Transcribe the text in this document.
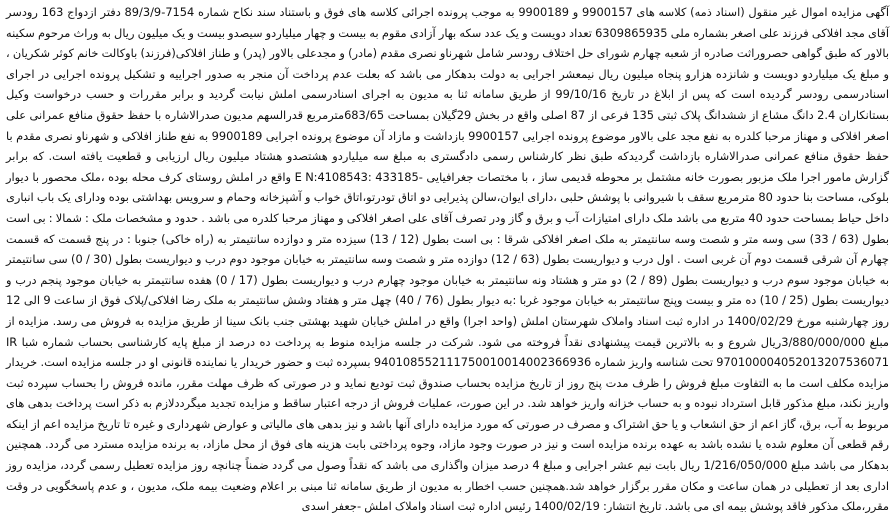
آگهی مزایده اموال غیر منقول (اسناد ذمه) کلاسه های 9900157 و 9900189 به موجب پرونده اجرائی کلاسه های فوق و باستناد سند نکاح شماره 7154-89/3/9 دفتر ازدواج 163 رودسر آقای مجد افلاکی فرزند علی اصغر بشماره ملی 6309865935 تعداد دویست و یک عدد سکه بهار آزادی مقوم به بیست و چهار میلیاردو سیصدو بیست و یک میلیون ریال به وراث مرحوم سکینه بالاور که طبق گواهی حصروراثت صادره از شعبه چهارم شورای حل اختلاف رودسر شامل شهرناو نصری مقدم (مادر) و مجدعلی بالاور (پدر) و طناز افلاکی(فرزند) باوکالت خانم کوثر شکریان ، و مبلغ یک میلیاردو دویست و شانزده هزارو پنجاه میلیون ریال نیمعشر اجرایی به دولت بدهکار می باشد که بعلت عدم پرداخت آن منجر به صدور اجراییه و تشکیل پرونده اجرایی در اجرای اسنادرسمی رودسر گردیده است که پس از ابلاغ در تاریخ 99/10/16 از طریق سامانه ثنا به مدیون به اجرای اسنادرسمی املش نیابت گردید و برابر مقررات و حسب درخواست وکیل بستانکاران 2.4 دانگ مشاع از ششدانگ پلاک ثبتی 135 فرعی از 87 اصلی واقع در بخش 29گیلان بمساحت 683/65مترمربع قدرالسهم مدیون صدرالاشاره با حفظ حقوق منافع عمرانی علی اصغر افلاکی و مهناز مرحبا کلدره به نفع مجد علی بالاور موضوع پرونده اجرایی 9900157 بازداشت و مازاد آن موضوع پرونده اجرایی 9900189 به نفع طناز افلاکی و شهرناو نصری مقدم با حفظ حقوق منافع عمرانی صدرالاشاره بازداشت گردیدکه طبق نظر کارشناس رسمی دادگستری به مبلغ سه میلیاردو هشتصدو هشتاد میلیون ریال ارزیابی و قطعیت یافته است. که برابر گزارش مامور اجرا ملک مزبور بصورت خانه مشتمل بر محوطه قدیمی ساز ، با مختصات جغرافیایی -433185 :E N:4108543 واقع در املش روستای کرف محله بوده ،ملک محصور با دیوار بلوکی، مساحت بنا حدود 80 مترمربع سقف با شیروانی با پوشش حلبی ،دارای ایوان،سالن پذیرایی دو اتاق تودرتو،اتاق خواب و آشپزخانه وحمام و سرویس بهداشتی بوده ودارای یک باب انباری داخل حیاط بمساحت حدود 40 متربع می باشد ملک دارای امتیازات آب و برق و گاز ودر تصرف آقای علی اصغر افلاکی و مهناز مرحبا کلدره می باشد . حدود و مشخصات ملک : شمالا : بی است بطول (63 / 33) سی وسه متر و شصت وسه سانتیمتر به ملک اصغر افلاکی شرقا : بی است بطول (12 / 13) سیزده متر و دوازده سانتیمتر به (راه خاکی) جنوبا : در پنج قسمت که قسمت چهارم آن شرقی قسمت دوم آن غربی است . اول درب و دیواریست بطول (63 / 12) دوازده متر و شصت وسه سانتیمتر به خیابان موجود دوم درب و دیواریست بطول (30 / 0) سی سانتیمتر به خیابان موجود سوم درب و دیواریست بطول (89 / 2) دو متر و هشتاد ونه سانتیمتر به خیابان موجود چهارم درب و دیواریست بطول (17 / 0) هفده سانتیمتر به خیابان موجود پنجم درب و دیواریست بطول (25 / 10) ده متر و بیست وپنج سانتیمتر به خیابان موجود غربا :به دیوار بطول (76 / 40) چهل متر و هفتاد وشش سانتیمتر به ملک رضا افلاکی/پلاک فوق از ساعت 9 الی 12 روز چهارشنبه مورخ 1400/02/29 در اداره ثبت اسناد واملاک شهرستان املش (واحد اجرا) واقع در املش خیابان شهید بهشتی جنب بانک سینا از طریق مزایده به فروش می رسد. مزایده از مبلغ 3/880/000/000ریال شروع و به بالاترین قیمت پیشنهادی نقداً فروخته می شود. شرکت در جلسه مزایده منوط به پرداخت ده درصد از مبلغ پایه کارشناسی بحساب شماره شبا IR 970100004052013207536071 تحت شناسه واریز شماره 940108552111750010014002366936 بسپرده ثبت و حضور خریدار یا نماینده قانونی او در جلسه مزایده است. خریدار مزایده مکلف است ما به التفاوت مبلغ فروش را ظرف مدت پنج روز از تاریخ مزایده بحساب صندوق ثبت تودیع نماید و در صورتی که ظرف مهلت مقرر، مانده فروش را بحساب سپرده ثبت واریز نکند، مبلغ مذکور قابل استرداد نبوده و به حساب خزانه واریز خواهد شد. در این صورت، عملیات فروش از درجه اعتبار ساقط و مزایده تجدید میگرددلازم به ذکر است پرداخت بدهی های مربوط به آب، برق، گاز اعم از حق انشعاب و یا حق اشتراک و مصرف در صورتی که مورد مزایده دارای آنها باشد و نیز بدهی های مالیاتی و عوارض شهرداری و غیره تا تاریخ مزایده اعم از اینکه رقم قطعی آن معلوم شده یا نشده باشد به عهده برنده مزایده است و نیز در صورت وجود مازاد، وجوه پرداختی بابت هزینه های فوق از محل مازاد، به برنده مزایده مسترد می گردد. همچنین بدهکار می باشد مبلغ 1/216/050/000 ریال بابت نیم عشر اجرایی و مبلغ 4 درصد میزان واگذاری می باشد که نقداً وصول می گردد ضمناً چنانچه روز مزایده تعطیل رسمی گردد، مزایده روز اداری بعد از تعطیلی در همان ساعت و مکان مقرر برگزار خواهد شد.همچنین حسب اخطار به مدیون از طریق سامانه ثنا مبنی بر اعلام وضعیت بیمه ملک، مدیون ، و عدم پاسخگویی در وقت مقرر،ملک مذکور فاقد پوشش بیمه ای می باشد. تاریخ انتشار: 1400/02/19 رئیس اداره ثبت اسناد واملاک املش -جعفر اسدی
